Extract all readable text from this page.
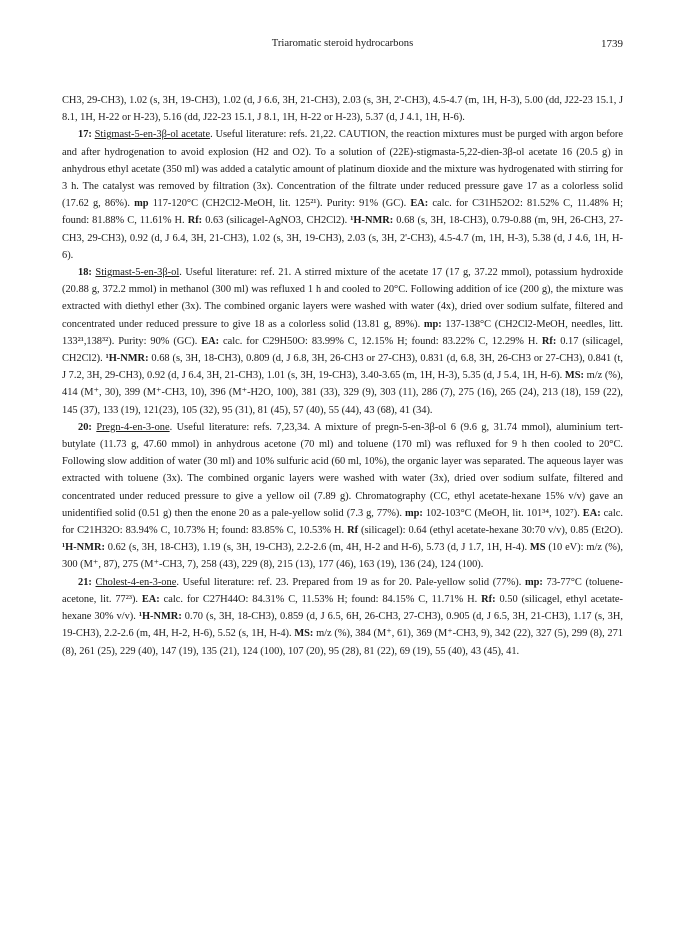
Triaromatic steroid hydrocarbons	1739

CH3, 29-CH3), 1.02 (s, 3H, 19-CH3), 1.02 (d, J 6.6, 3H, 21-CH3), 2.03 (s, 3H, 2'-CH3), 4.5-4.7 (m, 1H, H-3), 5.00 (dd, J22-23 15.1, J 8.1, 1H, H-22 or H-23), 5.16 (dd, J22-23 15.1, J 8.1, 1H, H-22 or H-23), 5.37 (d, J 4.1, 1H, H-6).

17: Stigmast-5-en-3β-ol acetate. Useful literature: refs. 21,22. CAUTION, the reaction mixtures must be purged with argon before and after hydrogenation to avoid explosion (H2 and O2). To a solution of (22E)-stigmasta-5,22-dien-3β-ol acetate 16 (20.5 g) in anhydrous ethyl acetate (350 ml) was added a catalytic amount of platinum dioxide and the mixture was hydrogenated with stirring for 3 h. The catalyst was removed by filtration (3x). Concentration of the filtrate under reduced pressure gave 17 as a colorless solid (17.62 g, 86%). mp 117-120°C (CH2Cl2-MeOH, lit. 125²¹). Purity: 91% (GC). EA: calc. for C31H52O2: 81.52% C, 11.48% H; found: 81.88% C, 11.61% H. Rf: 0.63 (silicagel-AgNO3, CH2Cl2). ¹H-NMR: 0.68 (s, 3H, 18-CH3), 0.79-0.88 (m, 9H, 26-CH3, 27-CH3, 29-CH3), 0.92 (d, J 6.4, 3H, 21-CH3), 1.02 (s, 3H, 19-CH3), 2.03 (s, 3H, 2'-CH3), 4.5-4.7 (m, 1H, H-3), 5.38 (d, J 4.6, 1H, H-6).

18: Stigmast-5-en-3β-ol. Useful literature: ref. 21. A stirred mixture of the acetate 17 (17 g, 37.22 mmol), potassium hydroxide (20.88 g, 372.2 mmol) in methanol (300 ml) was refluxed 1 h and cooled to 20°C. Following addition of ice (200 g), the mixture was extracted with diethyl ether (3x). The combined organic layers were washed with water (4x), dried over sodium sulfate, filtered and concentrated under reduced pressure to give 18 as a colorless solid (13.81 g, 89%). mp: 137-138°C (CH2Cl2-MeOH, needles, litt. 133²¹,138³²). Purity: 90% (GC). EA: calc. for C29H50O: 83.99% C, 12.15% H; found: 83.22% C, 12.29% H. Rf: 0.17 (silicagel, CH2Cl2). ¹H-NMR: 0.68 (s, 3H, 18-CH3), 0.809 (d, J 6.8, 3H, 26-CH3 or 27-CH3), 0.831 (d, 6.8, 3H, 26-CH3 or 27-CH3), 0.841 (t, J 7.2, 3H, 29-CH3), 0.92 (d, J 6.4, 3H, 21-CH3), 1.01 (s, 3H, 19-CH3), 3.40-3.65 (m, 1H, H-3), 5.35 (d, J 5.4, 1H, H-6). MS: m/z (%), 414 (M⁺, 30), 399 (M⁺-CH3, 10), 396 (M⁺-H2O, 100), 381 (33), 329 (9), 303 (11), 286 (7), 275 (16), 265 (24), 213 (18), 159 (22), 145 (37), 133 (19), 121(23), 105 (32), 95 (31), 81 (45), 57 (40), 55 (44), 43 (68), 41 (34).

20: Pregn-4-en-3-one. Useful literature: refs. 7,23,34. A mixture of pregn-5-en-3β-ol 6 (9.6 g, 31.74 mmol), aluminium tert-butylate (11.73 g, 47.60 mmol) in anhydrous acetone (70 ml) and toluene (170 ml) was refluxed for 9 h then cooled to 20°C. Following slow addition of water (30 ml) and 10% sulfuric acid (60 ml, 10%), the organic layer was separated. The aqueous layer was extracted with toluene (3x). The combined organic layers were washed with water (3x), dried over sodium sulfate, filtered and concentrated under reduced pressure to give a yellow oil (7.89 g). Chromatography (CC, ethyl acetate-hexane 15% v/v) gave an unidentified solid (0.51 g) then the enone 20 as a pale-yellow solid (7.3 g, 77%). mp: 102-103°C (MeOH, lit. 101³⁴, 102⁷). EA: calc. for C21H32O: 83.94% C, 10.73% H; found: 83.85% C, 10.53% H. Rf (silicagel): 0.64 (ethyl acetate-hexane 30:70 v/v), 0.85 (Et2O). ¹H-NMR: 0.62 (s, 3H, 18-CH3), 1.19 (s, 3H, 19-CH3), 2.2-2.6 (m, 4H, H-2 and H-6), 5.73 (d, J 1.7, 1H, H-4). MS (10 eV): m/z (%), 300 (M⁺, 87), 275 (M⁺-CH3, 7), 258 (43), 229 (8), 215 (13), 177 (46), 163 (19), 136 (24), 124 (100).

21: Cholest-4-en-3-one. Useful literature: ref. 23. Prepared from 19 as for 20. Pale-yellow solid (77%). mp: 73-77°C (toluene-acetone, lit. 77²³). EA: calc. for C27H44O: 84.31% C, 11.53% H; found: 84.15% C, 11.71% H. Rf: 0.50 (silicagel, ethyl acetate-hexane 30% v/v). ¹H-NMR: 0.70 (s, 3H, 18-CH3), 0.859 (d, J 6.5, 6H, 26-CH3, 27-CH3), 0.905 (d, J 6.5, 3H, 21-CH3), 1.17 (s, 3H, 19-CH3), 2.2-2.6 (m, 4H, H-2, H-6), 5.52 (s, 1H, H-4). MS: m/z (%), 384 (M⁺, 61), 369 (M⁺-CH3, 9), 342 (22), 327 (5), 299 (8), 271 (8), 261 (25), 229 (40), 147 (19), 135 (21), 124 (100), 107 (20), 95 (28), 81 (22), 69 (19), 55 (40), 43 (45), 41.
